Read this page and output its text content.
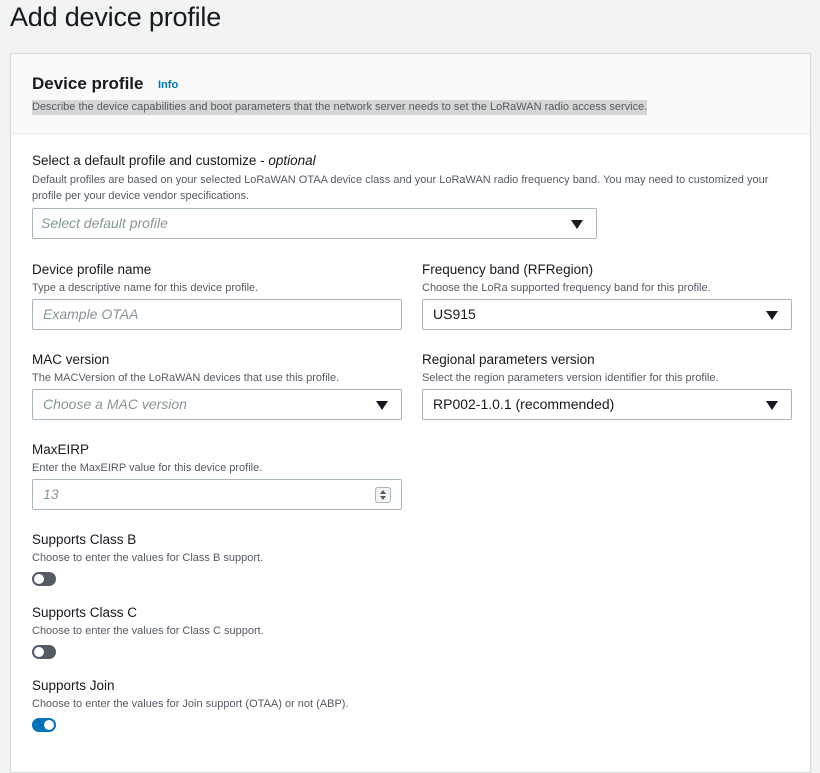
Add device profile
Device profile Info
Describe the device capabilities and boot parameters that the network server needs to set the LoRaWAN radio access service.
Select a default profile and customize - optional
Default profiles are based on your selected LoRaWAN OTAA device class and your LoRaWAN radio frequency band. You may need to customized your profile per your device vendor specifications.
Select default profile
Device profile name
Type a descriptive name for this device profile.
Example OTAA
Frequency band (RFRegion)
Choose the LoRa supported frequency band for this profile.
US915
MAC version
The MACVersion of the LoRaWAN devices that use this profile.
Choose a MAC version
Regional parameters version
Select the region parameters version identifier for this profile.
RP002-1.0.1 (recommended)
MaxEIRP
Enter the MaxEIRP value for this device profile.
13
Supports Class B
Choose to enter the values for Class B support.
Supports Class C
Choose to enter the values for Class C support.
Supports Join
Choose to enter the values for Join support (OTAA) or not (ABP).
